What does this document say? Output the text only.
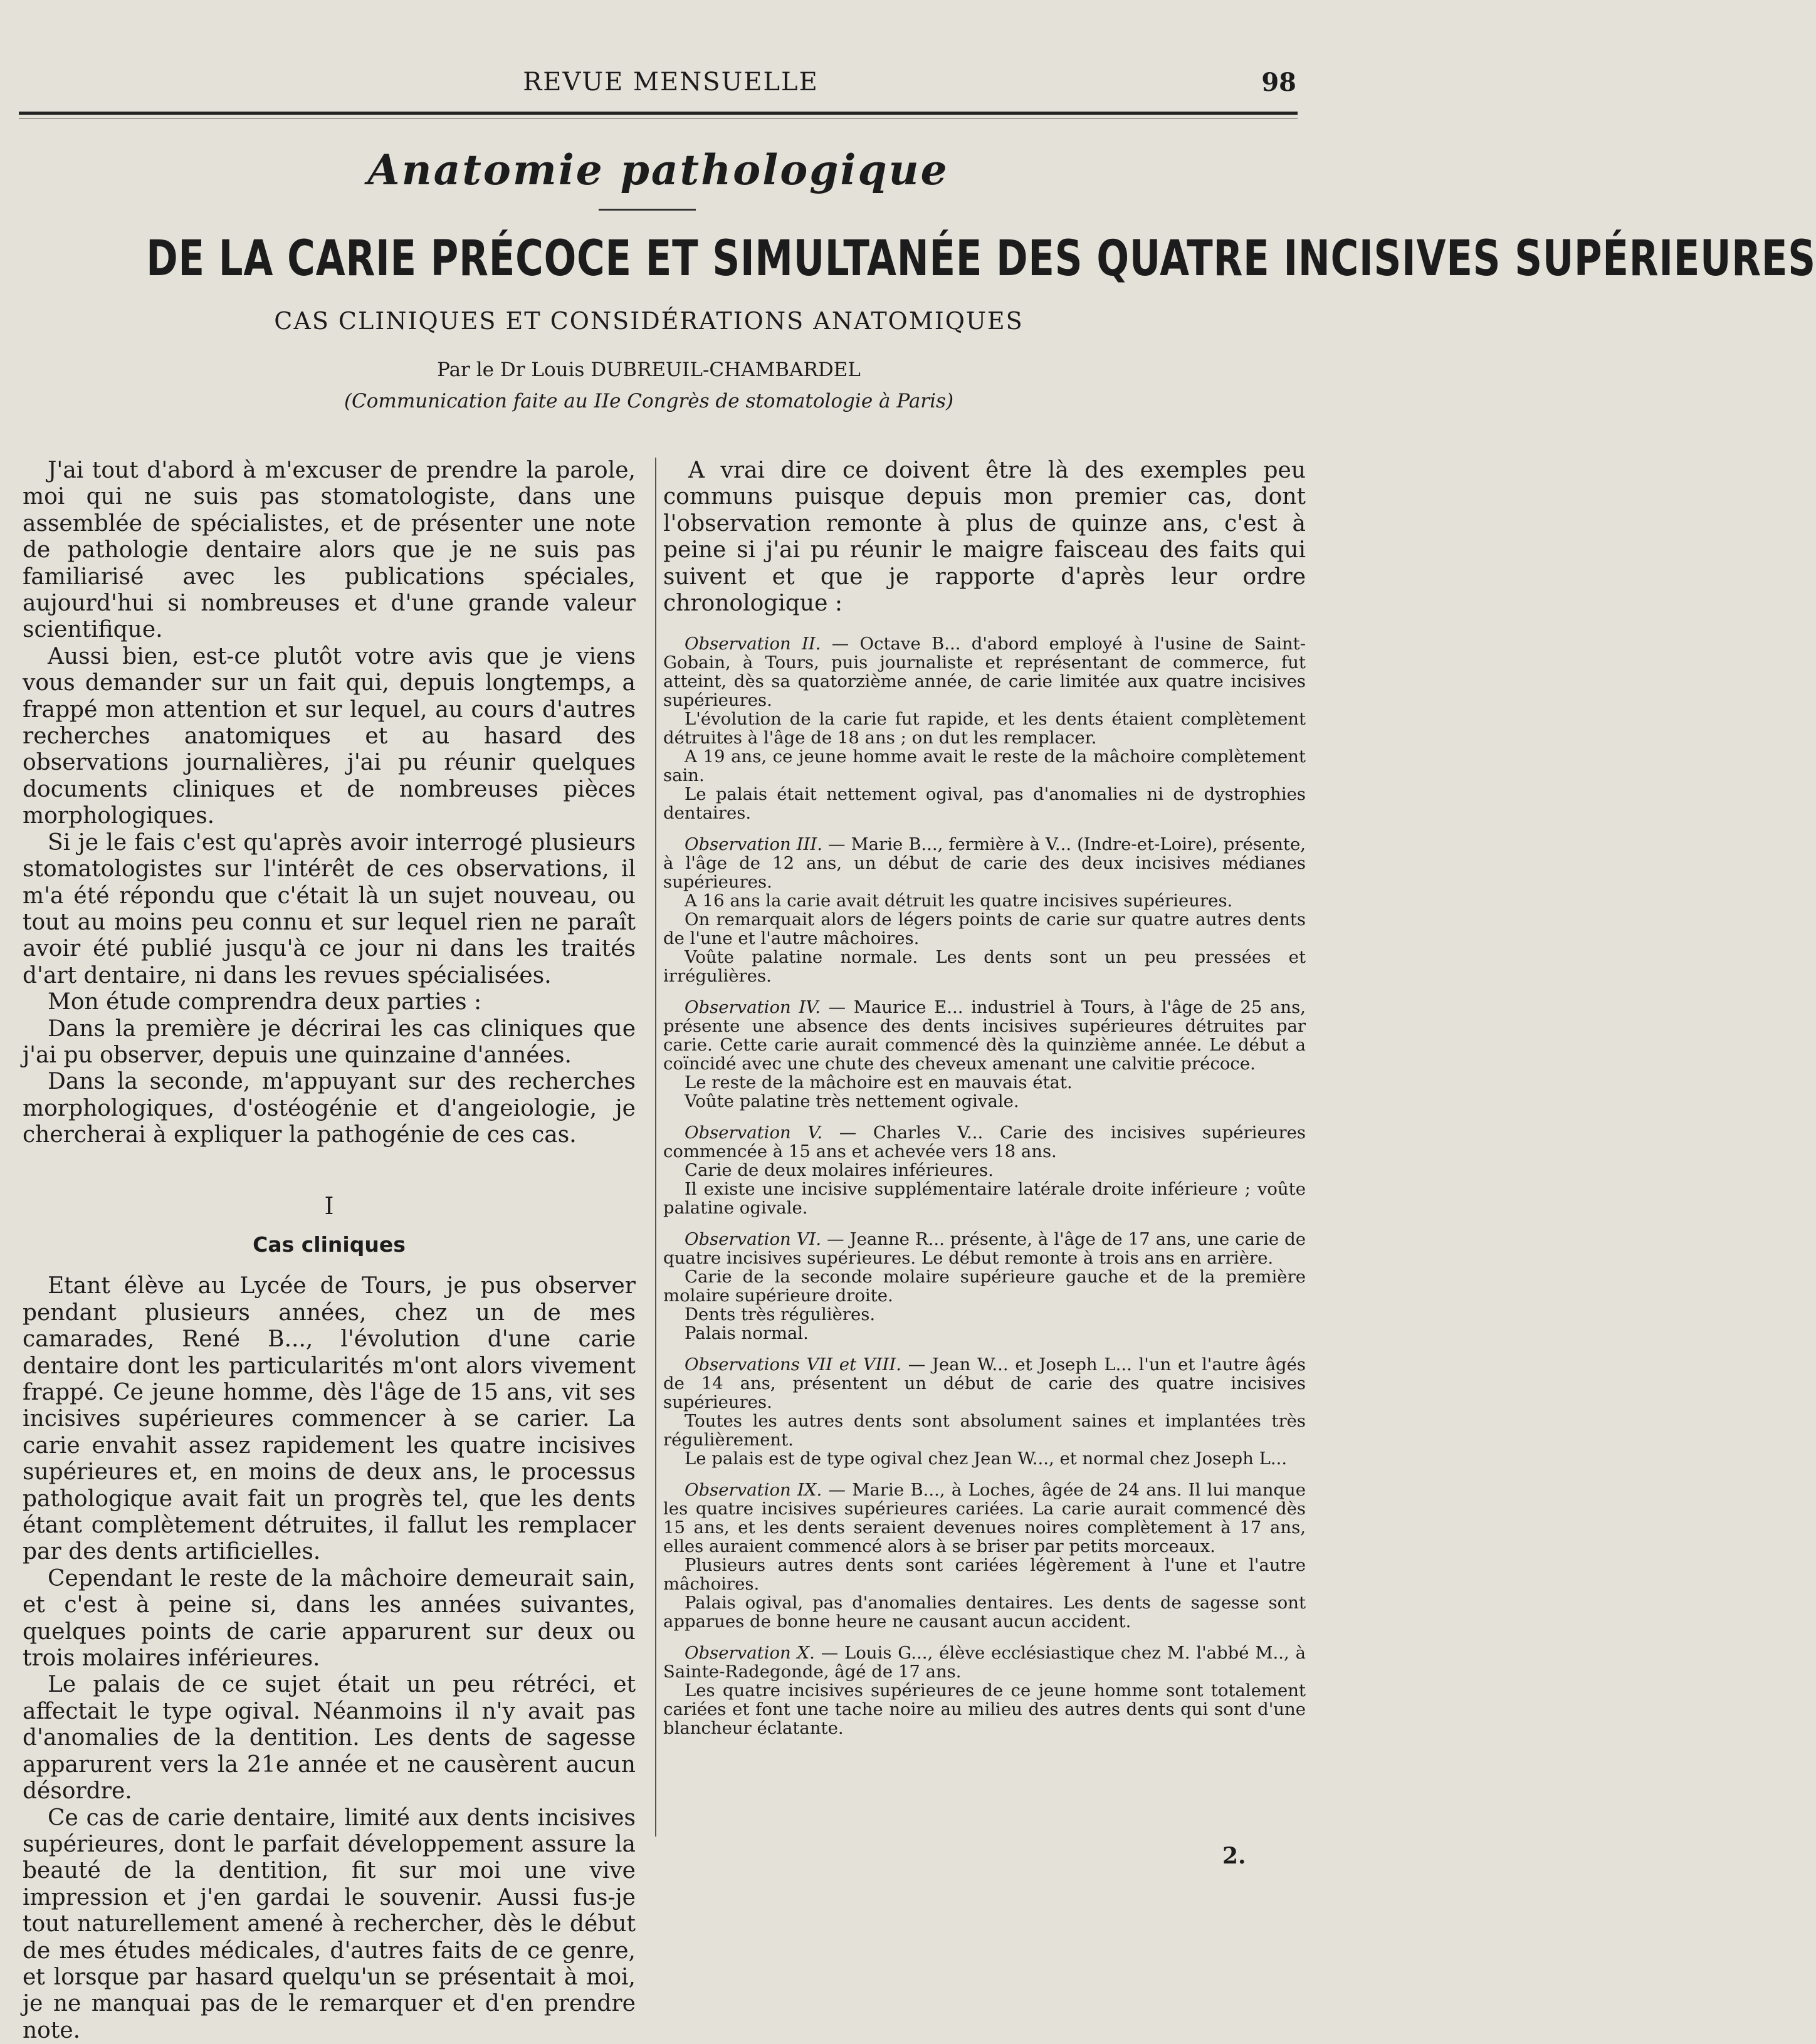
REVUE MENSUELLE	98
Anatomie pathologique
DE LA CARIE PRÉCOCE ET SIMULTANÉE DES QUATRE INCISIVES SUPÉRIEURES
CAS CLINIQUES ET CONSIDÉRATIONS ANATOMIQUES
Par le Dr Louis DUBREUIL-CHAMBARDEL
(Communication faite au IIe Congrès de stomatologie à Paris)

J'ai tout d'abord à m'excuser de prendre la parole, moi qui ne suis pas stomatologiste, dans une assemblée de spécialistes, et de présenter une note de pathologie dentaire alors que je ne suis pas familiarisé avec les publications spéciales, aujourd'hui si nombreuses et d'une grande valeur scientifique.

Aussi bien, est-ce plutôt votre avis que je viens vous demander sur un fait qui, depuis longtemps, a frappé mon attention et sur lequel, au cours d'autres recherches anatomiques et au hasard des observations journalières, j'ai pu réunir quelques documents cliniques et de nombreuses pièces morphologiques.

Si je le fais c'est qu'après avoir interrogé plusieurs stomatologistes sur l'intérêt de ces observations, il m'a été répondu que c'était là un sujet nouveau, ou tout au moins peu connu et sur lequel rien ne paraît avoir été publié jusqu'à ce jour ni dans les traités d'art dentaire, ni dans les revues spécialisées.

Mon étude comprendra deux parties :

Dans la première je décrirai les cas cliniques que j'ai pu observer, depuis une quinzaine d'années.

Dans la seconde, m'appuyant sur des recherches morphologiques, d'ostéogénie et d'angeiologie, je chercherai à expliquer la pathogénie de ces cas.

I

Cas cliniques

Etant élève au Lycée de Tours, je pus observer pendant plusieurs années, chez un de mes camarades, René B..., l'évolution d'une carie dentaire dont les particularités m'ont alors vivement frappé. Ce jeune homme, dès l'âge de 15 ans, vit ses incisives supérieures commencer à se carier. La carie envahit assez rapidement les quatre incisives supérieures et, en moins de deux ans, le processus pathologique avait fait un progrès tel, que les dents étant complètement détruites, il fallut les remplacer par des dents artificielles.

Cependant le reste de la mâchoire demeurait sain, et c'est à peine si, dans les années suivantes, quelques points de carie apparurent sur deux ou trois molaires inférieures.

Le palais de ce sujet était un peu rétréci, et affectait le type ogival. Néanmoins il n'y avait pas d'anomalies de la dentition. Les dents de sagesse apparurent vers la 21e année et ne causèrent aucun désordre.

Ce cas de carie dentaire, limité aux dents incisives supérieures, dont le parfait développement assure la beauté de la dentition, fit sur moi une vive impression et j'en gardai le souvenir. Aussi fus-je tout naturellement amené à rechercher, dès le début de mes études médicales, d'autres faits de ce genre, et lorsque par hasard quelqu'un se présentait à moi, je ne manquai pas de le remarquer et d'en prendre note.

A vrai dire ce doivent être là des exemples peu communs puisque depuis mon premier cas, dont l'observation remonte à plus de quinze ans, c'est à peine si j'ai pu réunir le maigre faisceau des faits qui suivent et que je rapporte d'après leur ordre chronologique :

Observation II. — Octave B... d'abord employé à l'usine de Saint-Gobain, à Tours, puis journaliste et représentant de commerce, fut atteint, dès sa quatorzième année, de carie limitée aux quatre incisives supérieures.

L'évolution de la carie fut rapide, et les dents étaient complètement détruites à l'âge de 18 ans ; on dut les remplacer.

A 19 ans, ce jeune homme avait le reste de la mâchoire complètement sain.

Le palais était nettement ogival, pas d'anomalies ni de dystrophies dentaires.

Observation III. — Marie B..., fermière à V... (Indre-et-Loire), présente, à l'âge de 12 ans, un début de carie des deux incisives médianes supérieures.

A 16 ans la carie avait détruit les quatre incisives supérieures.

On remarquait alors de légers points de carie sur quatre autres dents de l'une et l'autre mâchoires.

Voûte palatine normale. Les dents sont un peu pressées et irrégulières.

Observation IV. — Maurice E... industriel à Tours, à l'âge de 25 ans, présente une absence des dents incisives supérieures détruites par carie. Cette carie aurait commencé dès la quinzième année. Le début a coïncidé avec une chute des cheveux amenant une calvitie précoce.

Le reste de la mâchoire est en mauvais état.

Voûte palatine très nettement ogivale.

Observation V. — Charles V... Carie des incisives supérieures commencée à 15 ans et achevée vers 18 ans.

Carie de deux molaires inférieures.

Il existe une incisive supplémentaire latérale droite inférieure ; voûte palatine ogivale.

Observation VI. — Jeanne R... présente, à l'âge de 17 ans, une carie de quatre incisives supérieures. Le début remonte à trois ans en arrière.

Carie de la seconde molaire supérieure gauche et de la première molaire supérieure droite.

Dents très régulières.

Palais normal.

Observations VII et VIII. — Jean W... et Joseph L... l'un et l'autre âgés de 14 ans, présentent un début de carie des quatre incisives supérieures.

Toutes les autres dents sont absolument saines et implantées très régulièrement.

Le palais est de type ogival chez Jean W..., et normal chez Joseph L...

Observation IX. — Marie B..., à Loches, âgée de 24 ans. Il lui manque les quatre incisives supérieures cariées. La carie aurait commencé dès 15 ans, et les dents seraient devenues noires complètement à 17 ans, elles auraient commencé alors à se briser par petits morceaux.

Plusieurs autres dents sont cariées légèrement à l'une et l'autre mâchoires.

Palais ogival, pas d'anomalies dentaires. Les dents de sagesse sont apparues de bonne heure ne causant aucun accident.

Observation X. — Louis G..., élève ecclésiastique chez M. l'abbé M.., à Sainte-Radegonde, âgé de 17 ans.

Les quatre incisives supérieures de ce jeune homme sont totalement cariées et font une tache noire au milieu des autres dents qui sont d'une blancheur éclatante.

2.
